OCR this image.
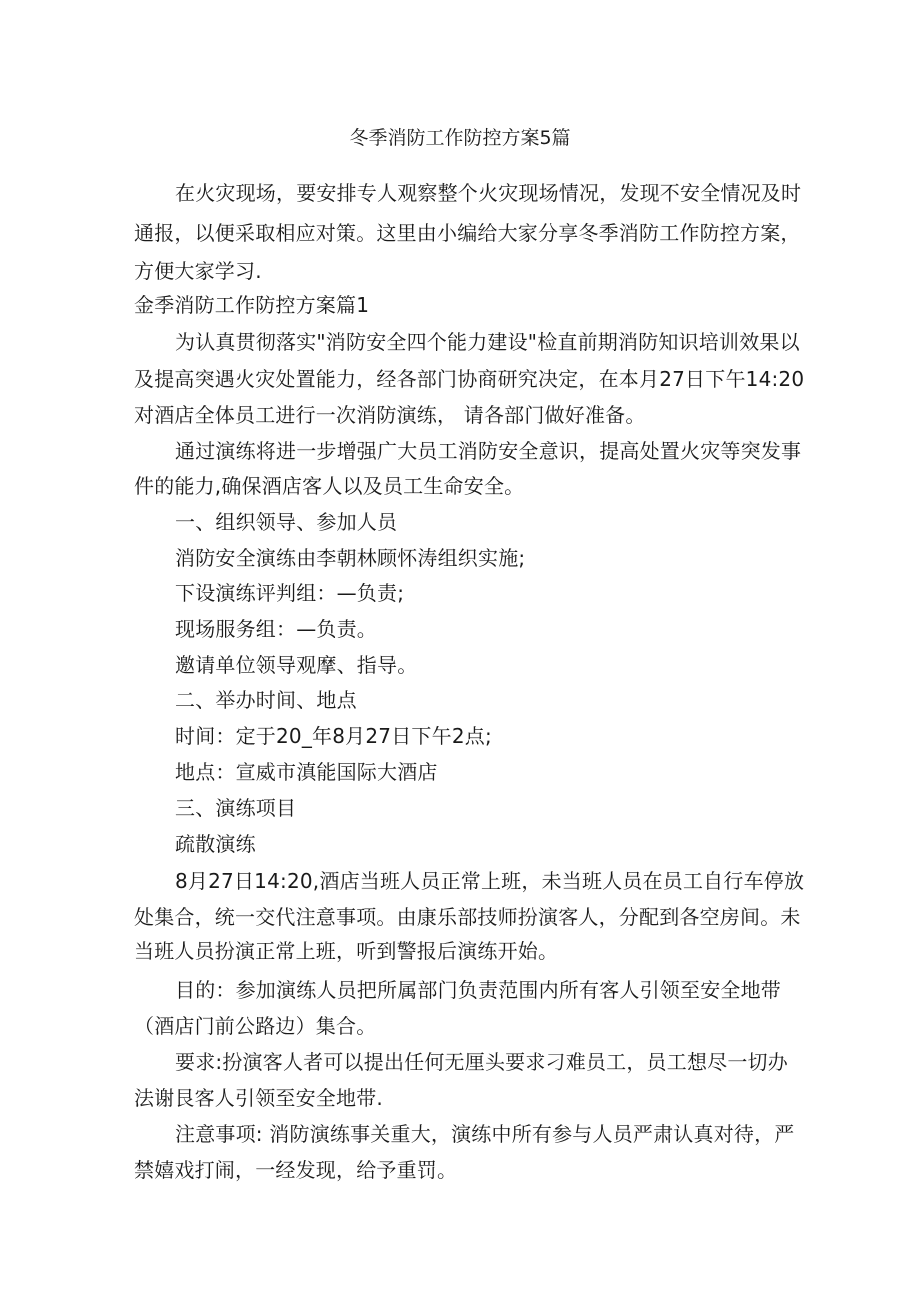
冬季消防工作防控方案5篇
在火灾现场，要安排专人观察整个火灾现场情况，发现不安全情况及时
通报，以便采取相应对策。这里由小编给大家分享冬季消防工作防控方案，
方便大家学习.
金季消防工作防控方案篇1
为认真贯彻落实"消防安全四个能力建设"检直前期消防知识培训效果以
及提高突遇火灾处置能力，经各部门协商研究决定，在本月27日下午14:20
对酒店全体员工进行一次消防演练， 请各部门做好准备。
通过演练将进一步增强广大员工消防安全意识，提高处置火灾等突发事
件的能力,确保酒店客人以及员工生命安全。
一、组织领导、参加人员
消防安全演练由李朝林顾怀涛组织实施;
下设演练评判组：—负责;
现场服务组：—负责。
邀请单位领导观摩、指导。
二、举办时间、地点
时间：定于20_年8月27日下午2点;
地点：宣威市滇能国际大酒店
三、演练项目
疏散演练
8月27日14:20,酒店当班人员正常上班，未当班人员在员工自行车停放
处集合，统一交代注意事项。由康乐部技师扮演客人，分配到各空房间。未
当班人员扮演正常上班，听到警报后演练开始。
目的：参加演练人员把所属部门负责范围内所有客人引领至安全地带
（酒店门前公路边）集合。
要求:扮演客人者可以提出任何无厘头要求刁难员工，员工想尽一切办
法谢艮客人引领至安全地带.
注意事项: 消防演练事关重大，演练中所有参与人员严肃认真对待，严
禁嬉戏打闹，一经发现，给予重罚。
